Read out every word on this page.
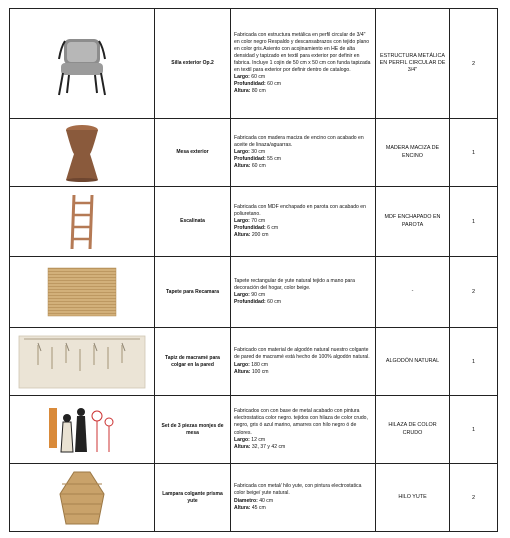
Silla exterior Op.2	Fabricada con estructura metálica en perfil circular de 3/4" en color negro Respaldo y descansabrazos con tejido plano en color gris.Asiento con acojinamiento en HE de alta densidad y tapizado en textil para exterior por definir en fabrica. Incluye 1 cojin de 50 cm x 50 cm con funda tapizada en textil para exterior por definir dentro de catalogo.
Largo: 60 cm
Profundidad: 60 cm
Altura: 80 cm	ESTRUCTURA METÁLICA EN PERFIL CIRCULAR DE 3/4"	2

Mesa exterior	Fabricada con madera maciza de encino con acabado en aceite de linaza/aguarras.
Largo: 30 cm
Profundidad: 55 cm
Altura: 60 cm	MADERA MACIZA DE ENCINO	1

Escalinata	Fabricada con MDF enchapado en parota con acabado en poliuretano.
Largo: 70 cm
Profundidad: 6 cm
Altura: 200 cm	MDF ENCHAPADO EN PAROTA	1

Tapete para Recamara	Tapete rectangular de yute natural tejido a mano para decoración del hogar, color beige.
Largo: 90 cm
Profundidad: 60 cm	-	2

Tapiz de macramé para colgar en la pared	Fabricado con material de algodón natural nuestro colgante de pared de macramé está hecho de 100% algodón natural.
Largo: 180 cm
Altura: 100 cm	ALGODÓN NATURAL	1

Set de 3 piezas monjes de mesa	Fabricados con con base de metal acabado con pintura electrostatica color negro. tejidos con hilaza de color crudo, negro, gris ó azul marino, amarres con hilo negro ó de colores.
Largo: 12 cm
Altura: 32, 37 y 42 cm	HILAZA DE COLOR CRUDO	1

Lampara colgante prisma yute	Fabricada con metal/ hilo yute, con pintura electrostatica color beige/ yute natural.
Diametro: 40 cm
Altura: 45 cm	HILO YUTE	2
